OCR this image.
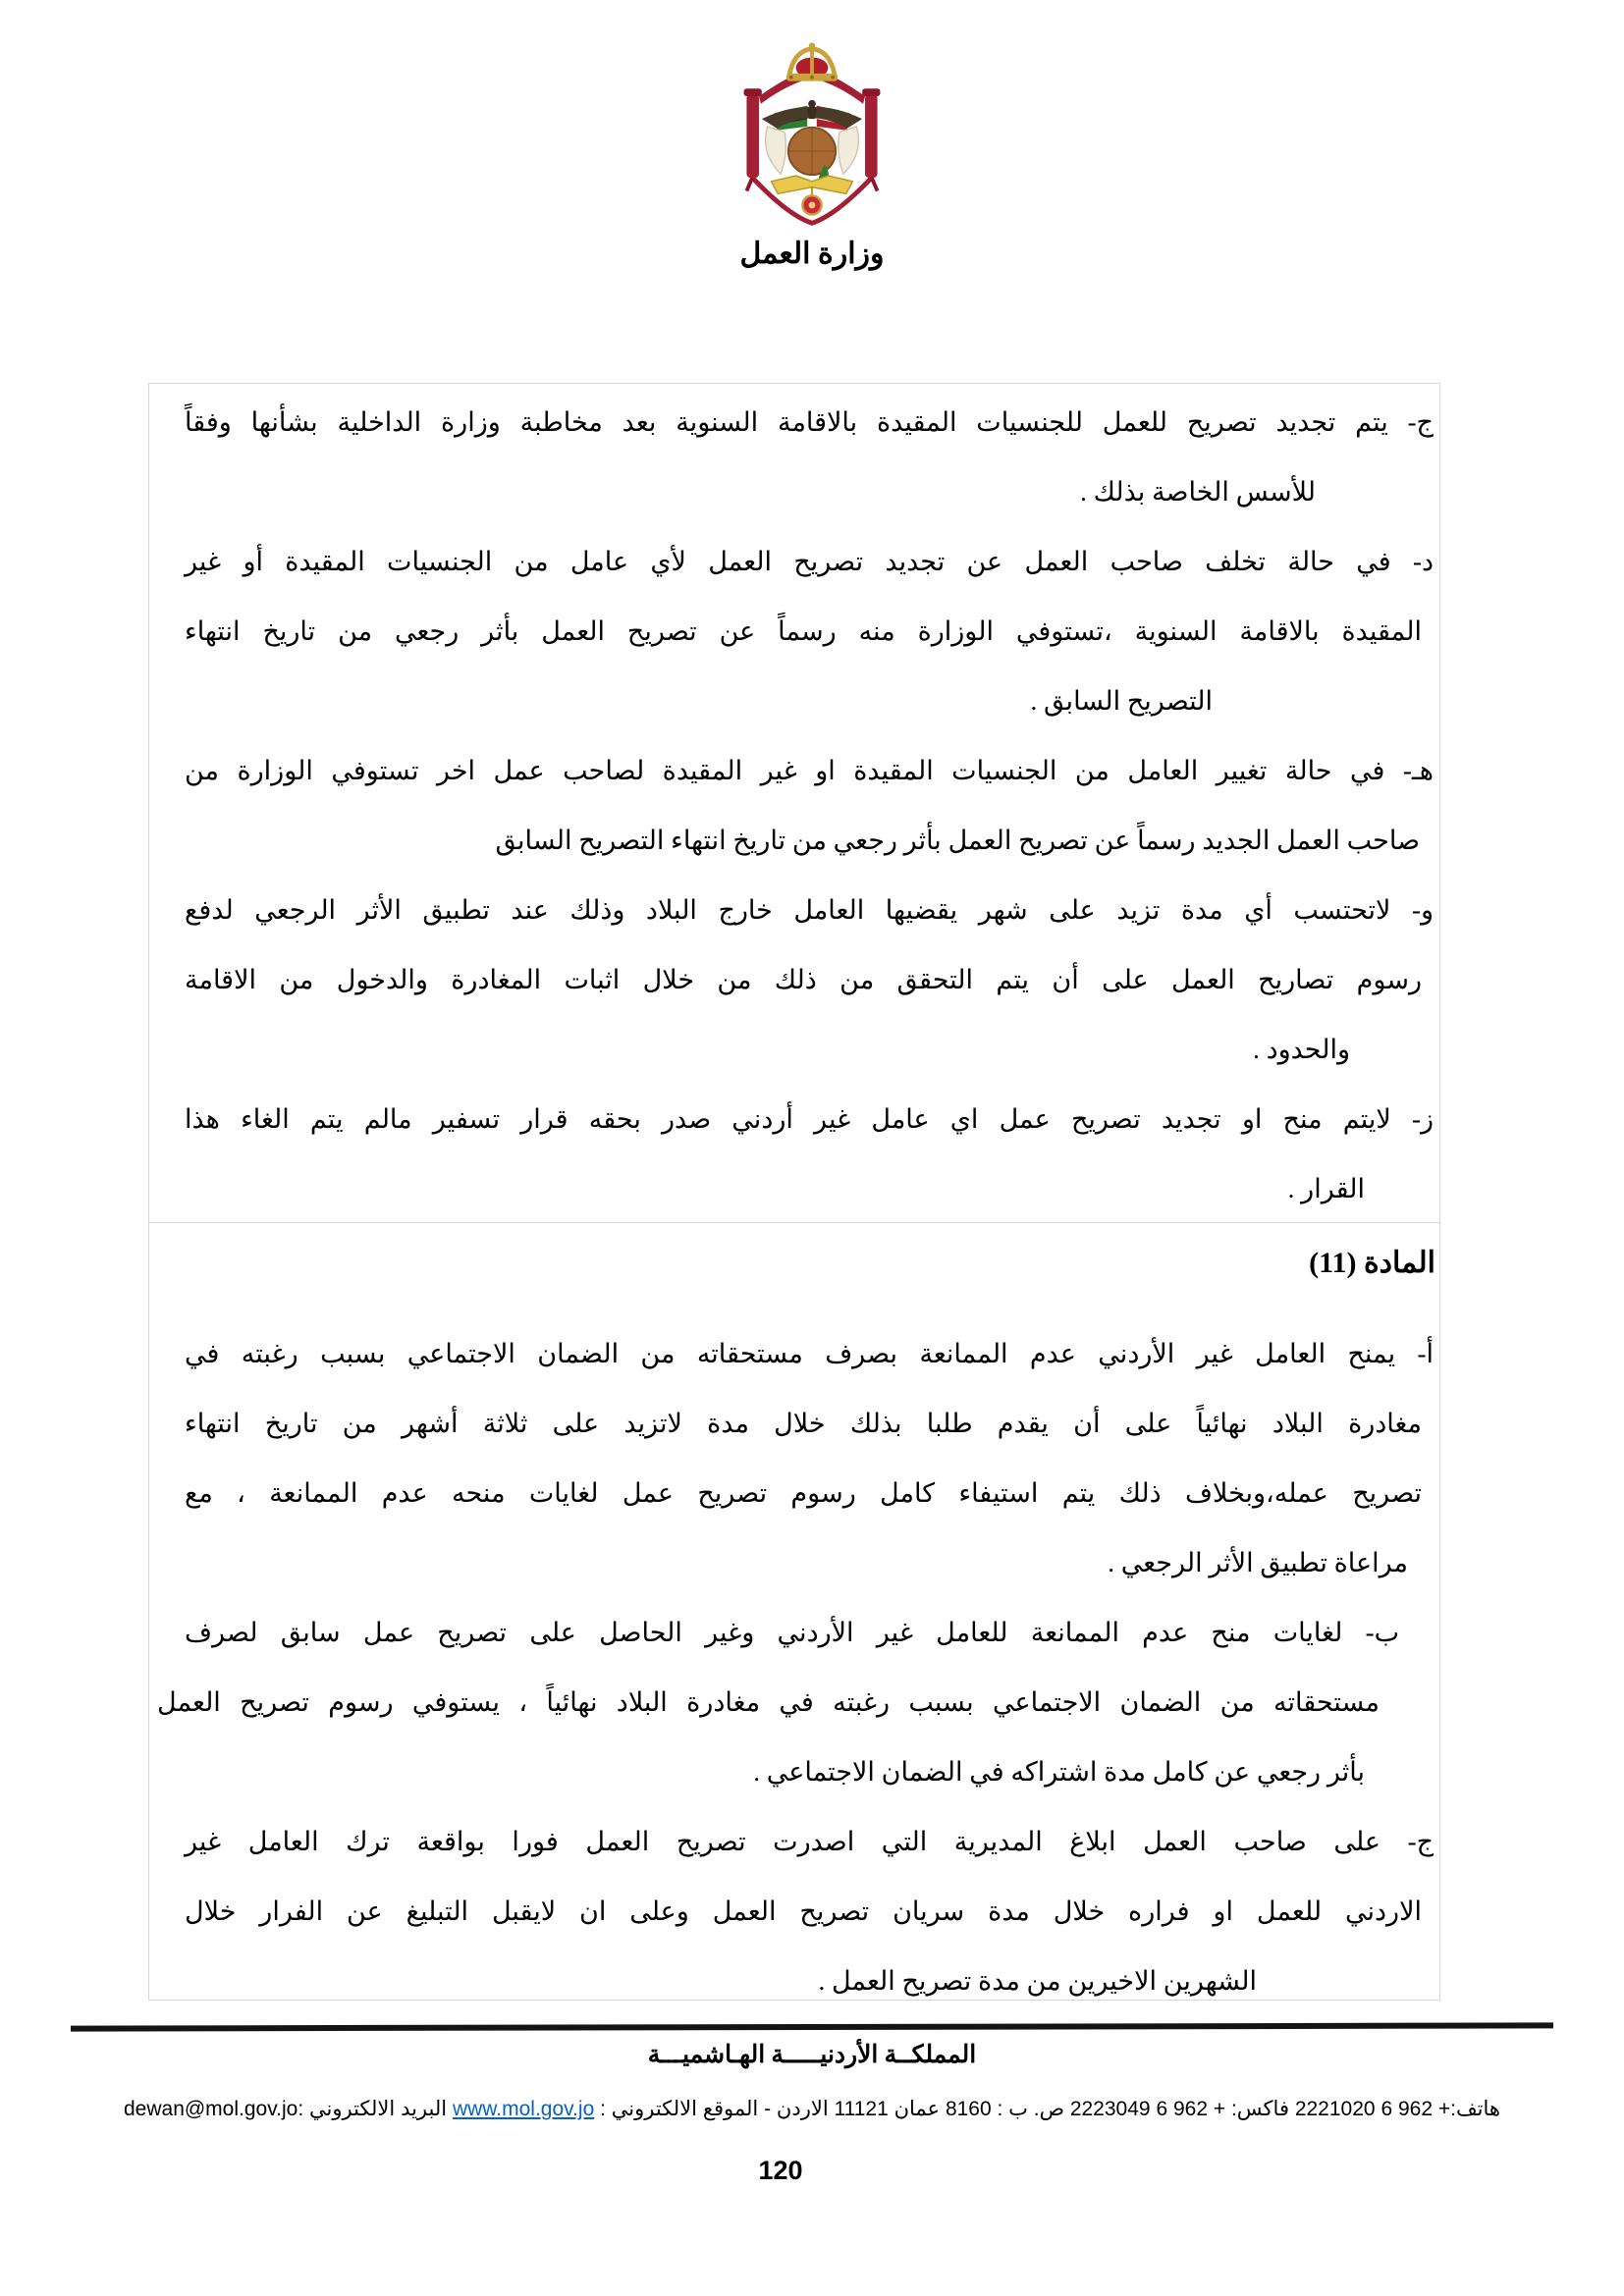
وزارة العمل
ج- يتم تجديد تصريح للعمل للجنسيات المقيدة بالاقامة السنوية بعد مخاطبة وزارة الداخلية بشأنها وفقاً
للأسس الخاصة بذلك .
د- في حالة تخلف صاحب العمل عن تجديد تصريح العمل لأي عامل من الجنسيات المقيدة أو غير
المقيدة بالاقامة السنوية ،تستوفي الوزارة منه رسماً عن تصريح العمل بأثر رجعي من تاريخ انتهاء
التصريح السابق .
هـ- في حالة تغيير العامل من الجنسيات المقيدة او غير المقيدة لصاحب عمل اخر تستوفي الوزارة من
صاحب العمل الجديد رسماً عن تصريح العمل بأثر رجعي من تاريخ انتهاء التصريح السابق
و- لاتحتسب أي مدة تزيد على شهر يقضيها العامل خارج البلاد وذلك عند تطبيق الأثر الرجعي لدفع
رسوم تصاريح العمل على أن يتم التحقق من ذلك من خلال اثبات المغادرة والدخول من الاقامة
والحدود .
ز- لايتم منح او تجديد تصريح عمل اي عامل غير أردني صدر بحقه قرار تسفير مالم يتم الغاء هذا
القرار .
المادة (11)
أ- يمنح العامل غير الأردني عدم الممانعة بصرف مستحقاته من الضمان الاجتماعي بسبب رغبته في
مغادرة البلاد نهائياً على أن يقدم طلبا بذلك خلال مدة لاتزيد على ثلاثة أشهر من تاريخ انتهاء
تصريح عمله،وبخلاف ذلك يتم استيفاء كامل رسوم تصريح عمل لغايات منحه عدم الممانعة ، مع
مراعاة تطبيق الأثر الرجعي .
ب- لغايات منح عدم الممانعة للعامل غير الأردني وغير الحاصل على تصريح عمل سابق لصرف
مستحقاته من الضمان الاجتماعي بسبب رغبته في مغادرة البلاد نهائياً ، يستوفي رسوم تصريح العمل
بأثر رجعي عن كامل مدة اشتراكه في الضمان الاجتماعي .
ج- على صاحب العمل ابلاغ المديرية التي اصدرت تصريح العمل فورا بواقعة ترك العامل غير
الاردني للعمل او فراره خلال مدة سريان تصريح العمل وعلى ان لايقبل التبليغ عن الفرار خلال
الشهرين الاخيرين من مدة تصريح العمل .
المملكــة الأردنيـــــة الهـاشميـــة
هاتف:+ 962 6 2221020 فاكس: + 962 6 2223049 ص. ب : 8160 عمان 11121 الاردن - الموقع الالكتروني : www.mol.gov.jo البريد الالكتروني :dewan@mol.gov.jo
120
